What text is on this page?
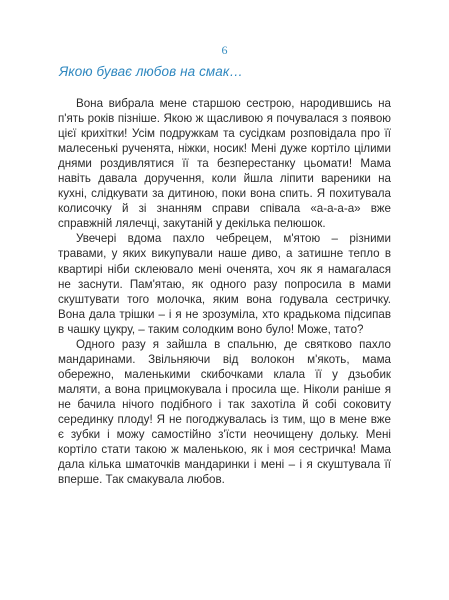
6
Якою буває любов на смак…

Вона вибрала мене старшою сестрою, народившись на п'ять років пізніше. Якою ж щасливою я почувалася з появою цієї крихітки! Усім подружкам та сусідкам розповідала про її малесенькі рученята, ніжки, носик! Мені дуже кортіло цілими днями роздивлятися її та безперестанку цьомати! Мама навіть давала доручення, коли йшла ліпити вареники на кухні, слідкувати за дитиною, поки вона спить. Я похитувала колисочку й зі знанням справи співала «а-а-а-а» вже справжній лялечці, закутаній у декілька пелюшок.

Увечері вдома пахло чебрецем, м'ятою – різними травами, у яких викупували наше диво, а затишне тепло в квартирі ніби склеювало мені оченята, хоч як я намагалася не заснути. Пам'ятаю, як одного разу попросила в мами скуштувати того молочка, яким вона годувала сестричку. Вона дала трішки – і я не зрозуміла, хто крадькома підсипав в чашку цукру, – таким солодким воно було! Може, тато?

Одного разу я зайшла в спальню, де святково пахло мандаринами. Звільняючи від волокон м'якоть, мама обережно, маленькими скибочками клала її у дзьобик маляти, а вона прицмокувала і просила ще. Ніколи раніше я не бачила нічого подібного і так захотіла й собі соковиту серединку плоду! Я не погоджувалась із тим, що в мене вже є зубки і можу самостійно з'їсти неочищену дольку. Мені кортіло стати такою ж маленькою, як і моя сестричка! Мама дала кілька шматочків мандаринки і мені – і я скуштувала її вперше. Так смакувала любов.
